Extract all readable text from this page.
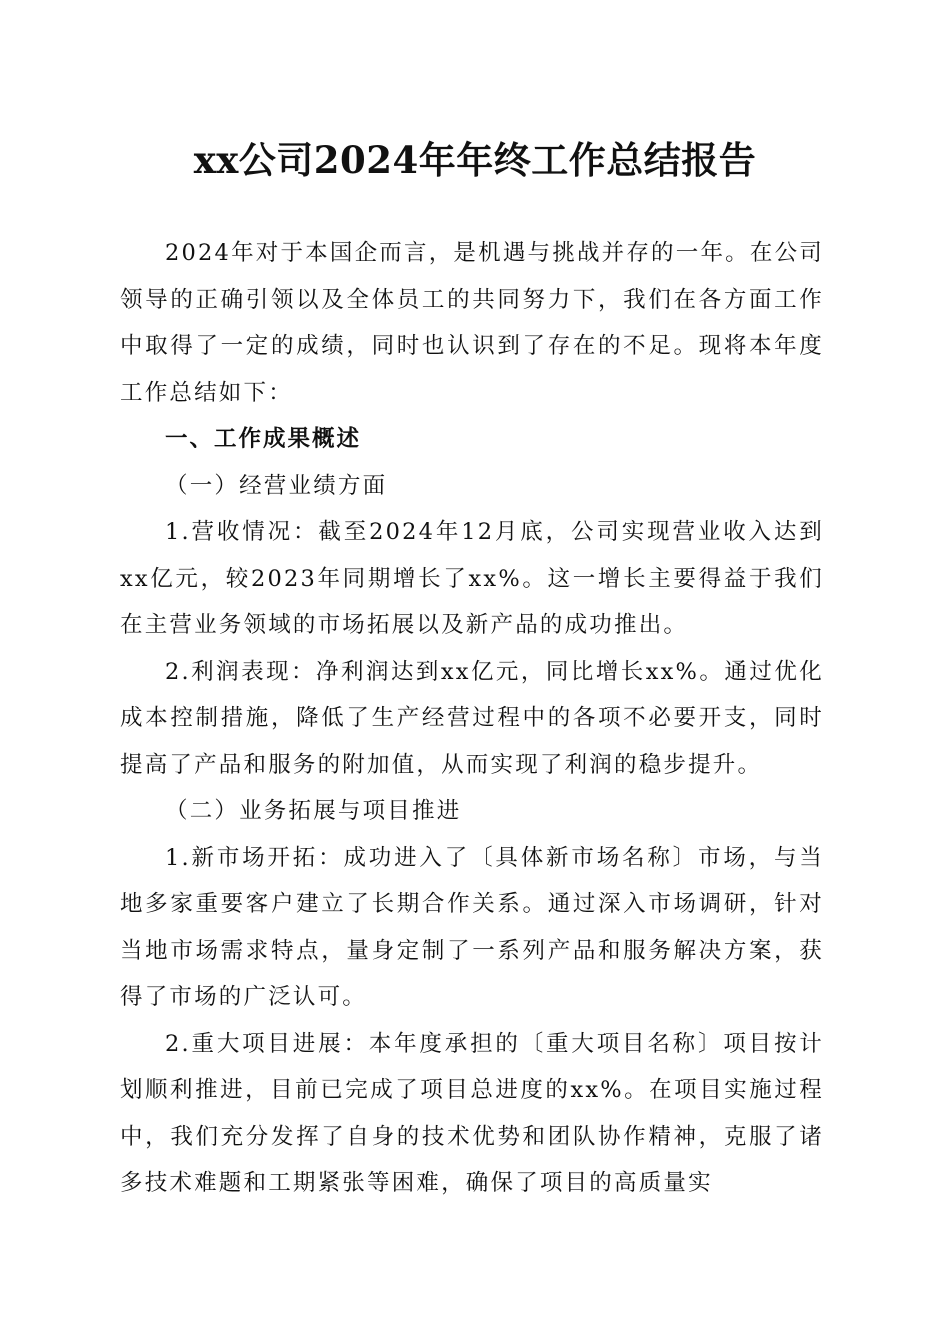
xx公司2024年年终工作总结报告

2024年对于本国企而言，是机遇与挑战并存的一年。在公司领导的正确引领以及全体员工的共同努力下，我们在各方面工作中取得了一定的成绩，同时也认识到了存在的不足。现将本年度工作总结如下：

一、工作成果概述

（一）经营业绩方面

1.营收情况：截至2024年12月底，公司实现营业收入达到xx亿元，较2023年同期增长了xx%。这一增长主要得益于我们在主营业务领域的市场拓展以及新产品的成功推出。

2.利润表现：净利润达到xx亿元，同比增长xx%。通过优化成本控制措施，降低了生产经营过程中的各项不必要开支，同时提高了产品和服务的附加值，从而实现了利润的稳步提升。

（二）业务拓展与项目推进

1.新市场开拓：成功进入了〔具体新市场名称〕市场，与当地多家重要客户建立了长期合作关系。通过深入市场调研，针对当地市场需求特点，量身定制了一系列产品和服务解决方案，获得了市场的广泛认可。

2.重大项目进展：本年度承担的〔重大项目名称〕项目按计划顺利推进，目前已完成了项目总进度的xx%。在项目实施过程中，我们充分发挥了自身的技术优势和团队协作精神，克服了诸多技术难题和工期紧张等困难，确保了项目的高质量实
